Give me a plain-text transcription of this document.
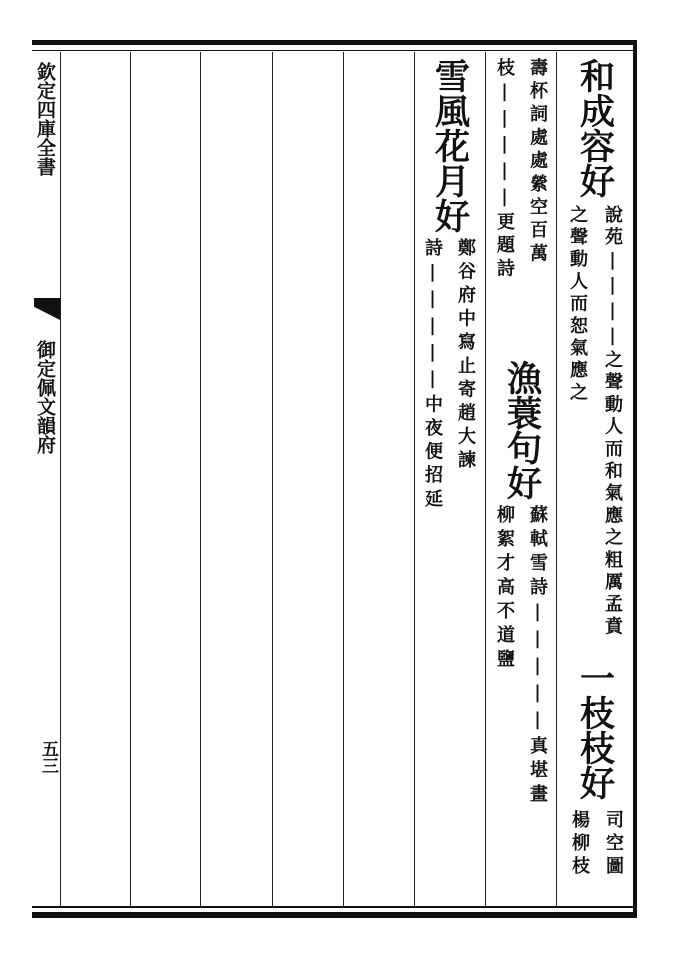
欽定四庫全書
御定佩文韻府
五三
和成容好
說苑||||之聲動人而和氣應之粗厲孟賁之聲動人而恕氣應之
一枝枝好
司空圖楊柳枝
壽杯詞處處縈空百萬枝|||||更題詩
漁蓑句好
蘇軾雪詩|||||真堪畫柳絮才高不道鹽
雪風花月好
鄭谷府中寫止寄趙大諫詩|||||中夜便招延
